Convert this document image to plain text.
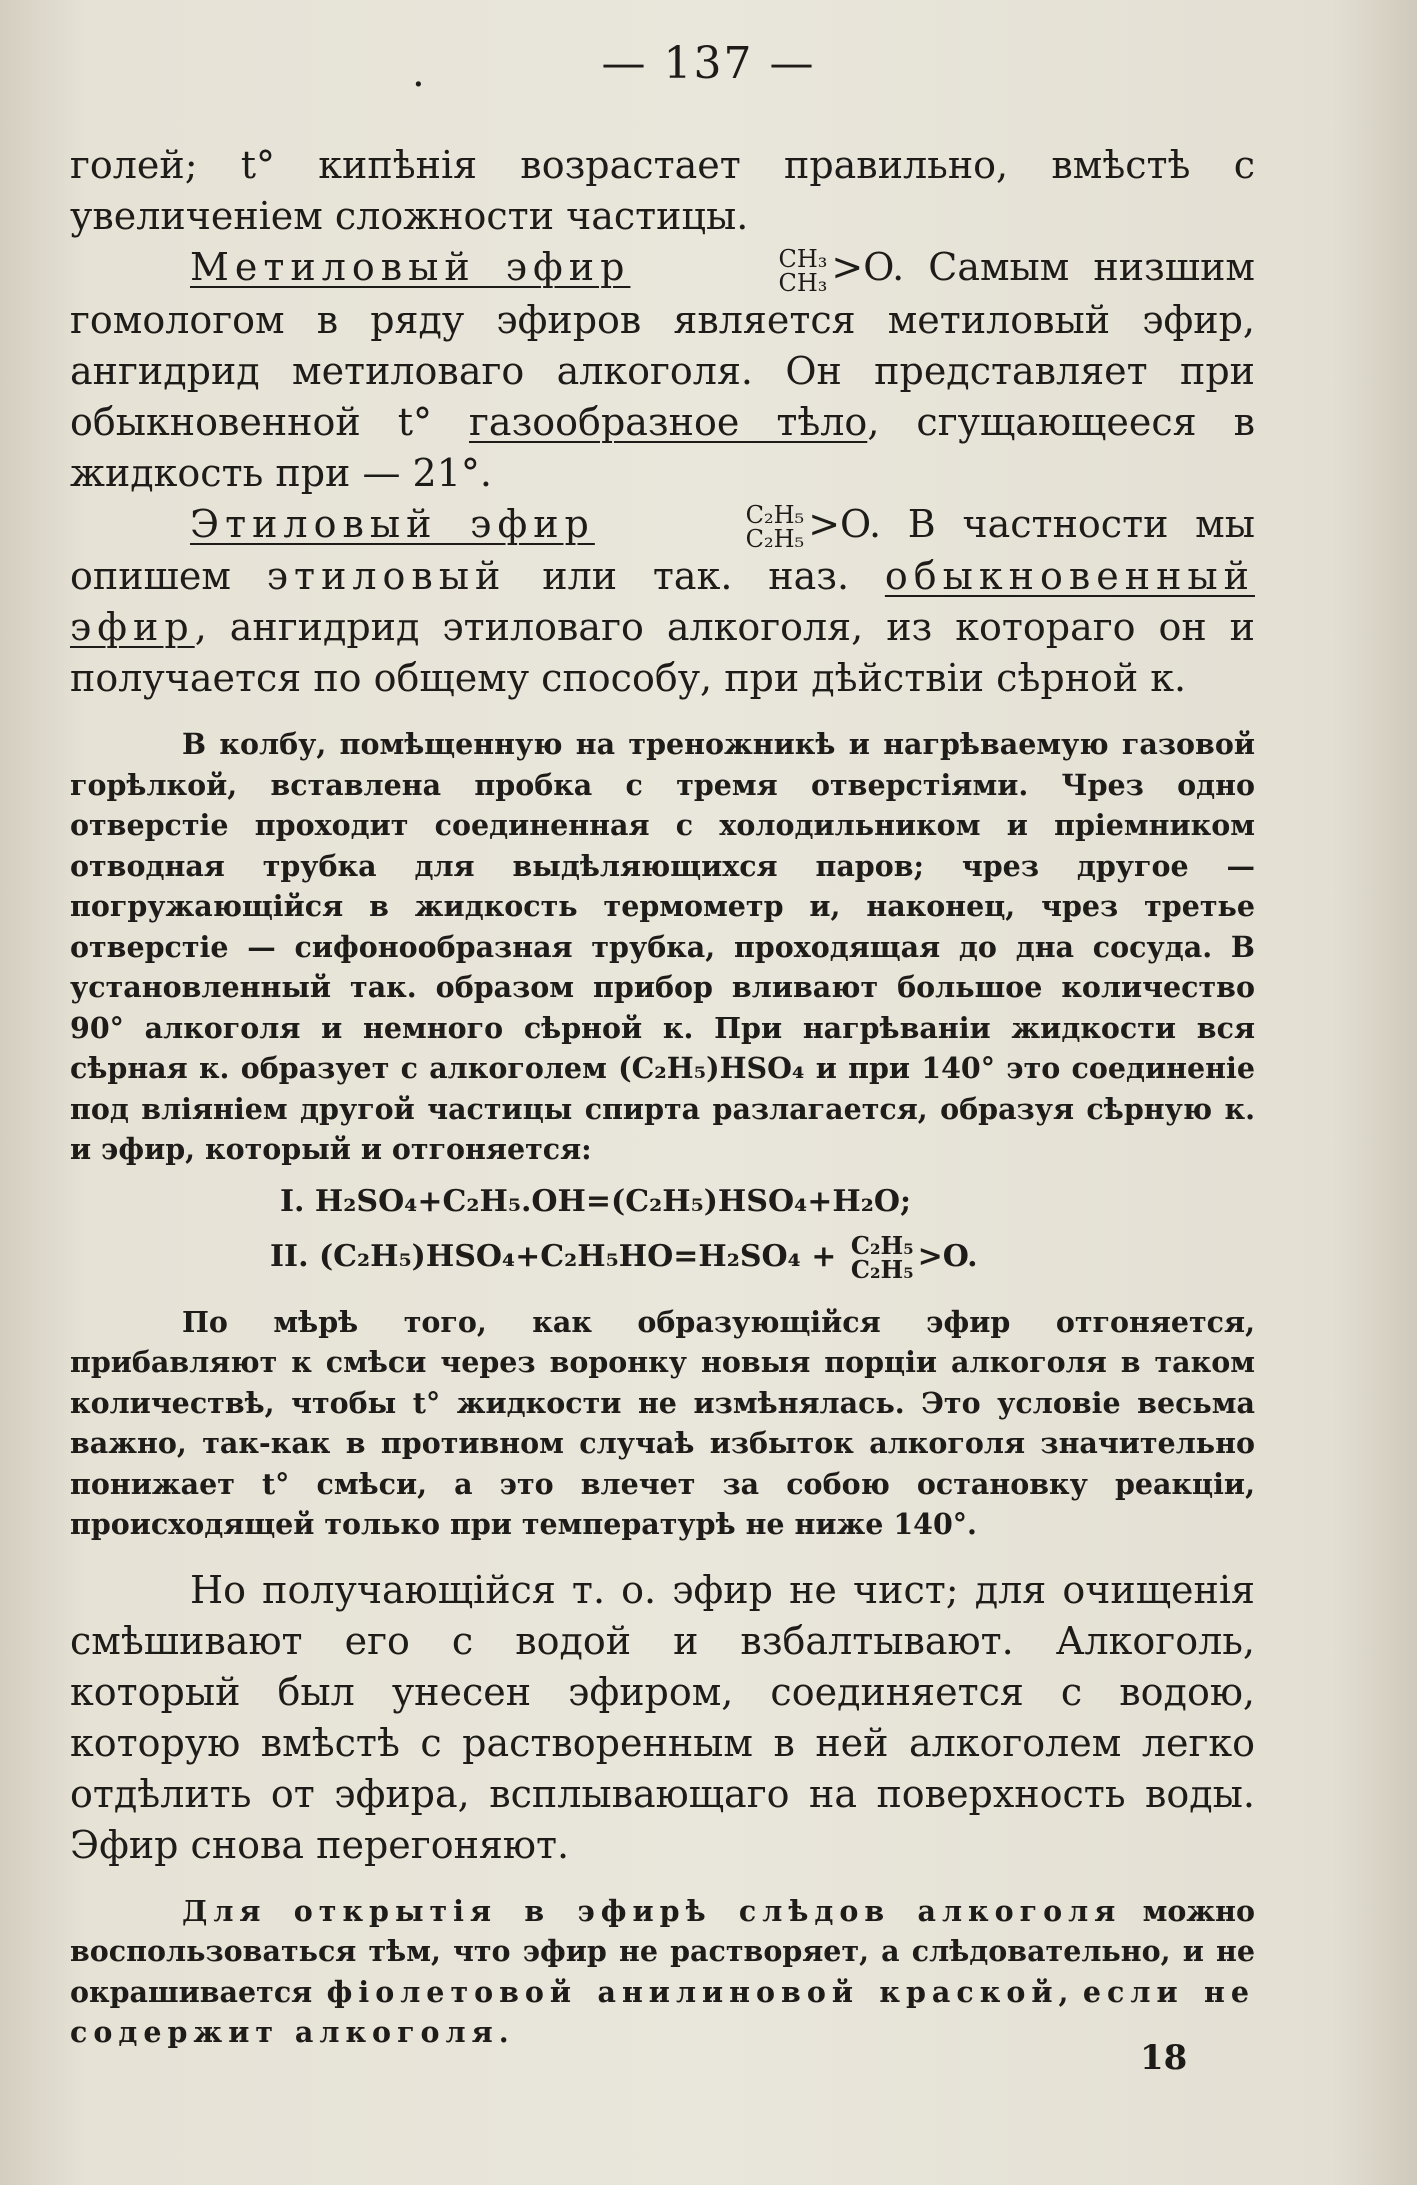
.	— 137 —

голей; t° кипѣнія возрастает правильно, вмѣстѣ с увеличеніем сложности частицы.

Метиловый эфир	CH₃
CH₃ >O. Самым низшим гомологом в ряду эфиров является метиловый эфир, ангидрид метиловаго алкоголя. Он представляет при обыкновенной t° газообразное тѣло, сгущающееся в жидкость при — 21°.

Этиловый эфир	C₂H₅
C₂H₅ >O. В частности мы опишем этиловый или так. наз. обыкновенный эфир, ангидрид этиловаго алкоголя, из котораго он и получается по общему способу, при дѣйствіи сѣрной к.

В колбу, помѣщенную на треножникѣ и нагрѣваемую газовой горѣлкой, вставлена пробка с тремя отверстіями. Чрез одно отверстіе проходит соединенная с холодильником и пріемником отводная трубка для выдѣляющихся паров; чрез другое — погружающійся в жидкость термометр и, наконец, чрез третье отверстіе — сифонообразная трубка, проходящая до дна сосуда. В установленный так. образом прибор вливают большое количество 90° алкоголя и немного сѣрной к. При нагрѣваніи жидкости вся сѣрная к. образует с алкоголем (C₂H₅)HSO₄ и при 140° это соединеніе под вліяніем другой частицы спирта разлагается, образуя сѣрную к. и эфир, который и отгоняется:

I. H₂SO₄+C₂H₅.OH=(C₂H₅)HSO₄+H₂O;
II. (C₂H₅)HSO₄+C₂H₅HO=H₂SO₄ + C₂H₅
C₂H₅ >O.

По мѣрѣ того, как образующійся эфир отгоняется, прибавляют к смѣси через воронку новыя порціи алкоголя в таком количествѣ, чтобы t° жидкости не измѣнялась. Это условіе весьма важно, так-как в противном случаѣ избыток алкоголя значительно понижает t° смѣси, а это влечет за собою остановку реакціи, происходящей только при температурѣ не ниже 140°.

Но получающійся т. о. эфир не чист; для очищенія смѣшивают его с водой и взбалтывают. Алкоголь, который был унесен эфиром, соединяется с водою, которую вмѣстѣ с растворенным в ней алкоголем легко отдѣлить от эфира, всплывающаго на поверхность воды. Эфир снова перегоняют.

Для открытія в эфирѣ слѣдов алкоголя можно воспользоваться тѣм, что эфир не растворяет, а слѣдовательно, и не окрашивается фіолетовой анилиновой краской, если не содержит алкоголя.

18
